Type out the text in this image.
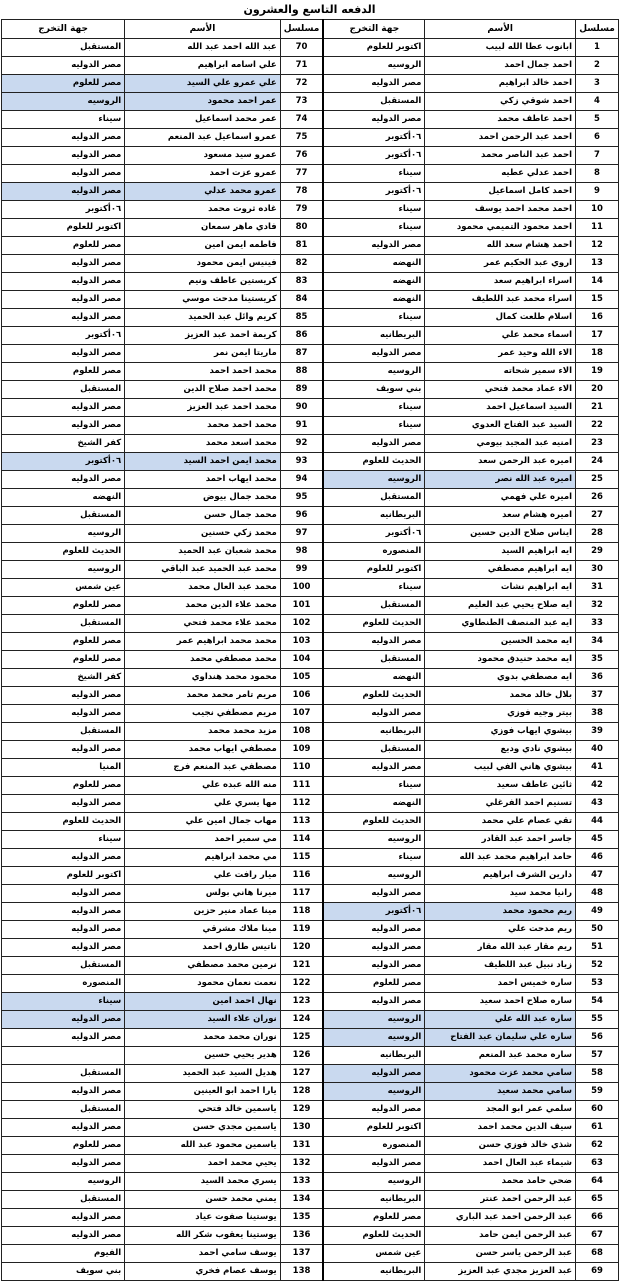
الدفعه التاسع والعشرون
مسلسل	الأسم	جهة التخرج	مسلسل	الأسم	جهة التخرج
1	ابانوب عطا الله لبيب	اكتوبر للعلوم	70	عبد الله احمد عبد الله	المستقبل
2	احمد جمال احمد	الروسيه	71	علي اسامه ابراهيم	مصر الدوليه
3	احمد خالد ابراهيم	مصر الدوليه	72	علي عمرو علي السيد	مصر للعلوم
4	احمد شوقي زكي	المستقبل	73	عمر احمد محمود	الروسيه
5	احمد عاطف محمد	مصر الدوليه	74	عمر محمد اسماعيل	سيناء
6	احمد عبد الرحمن احمد	٠٦أكتوبر	75	عمرو اسماعيل عبد المنعم	مصر الدوليه
7	احمد عبد الناصر محمد	٠٦أكتوبر	76	عمرو سيد مسعود	مصر الدوليه
8	احمد عدلي عطيه	سيناء	77	عمرو عزت احمد	مصر الدوليه
9	احمد كامل اسماعيل	٠٦أكتوبر	78	عمرو محمد عدلي	مصر الدوليه
10	احمد محمد احمد يوسف	سيناء	79	غاده ثروت محمد	٠٦أكتوبر
11	احمد محمود التميمي محمود	سيناء	80	فادي ماهر سمعان	اكتوبر للعلوم
12	احمد هشام سعد الله	مصر الدوليه	81	فاطمه ايمن امين	مصر للعلوم
13	اروي عبد الحكيم عمر	النهضه	82	فينيس ايمن محمود	مصر الدوليه
14	اسراء ابراهيم سعد	النهضه	83	كريستين عاطف ونيم	مصر الدوليه
15	اسراء محمد عبد اللطيف	النهضه	84	كريستينا مدحت موسي	مصر الدوليه
16	اسلام طلعت كمال	سيناء	85	كريم وائل عبد الحميد	مصر الدوليه
17	اسماء محمد علي	البريطانيه	86	كريمة احمد عبد العزيز	٠٦أكتوبر
18	الاء الله وحيد عمر	مصر الدوليه	87	ماريتا ايمن نمر	مصر الدوليه
19	الاء سمير شحاته	الروسيه	88	محمد احمد احمد	مصر للعلوم
20	الاء عماد محمد فتحي	بني سويف	89	محمد احمد صلاح الدين	المستقبل
21	السيد اسماعيل احمد	سيناء	90	محمد احمد عبد العزيز	مصر الدوليه
22	السيد عبد الفتاح العدوي	سيناء	91	محمد احمد محمد	مصر الدوليه
23	امنيه عبد المجيد بيومي	مصر الدوليه	92	محمد اسعد محمد	كفر الشيخ
24	اميره عبد الرحمن سعد	الحديث للعلوم	93	محمد ايمن احمد السيد	٠٦أكتوبر
25	اميره عبد الله نصر	الروسيه	94	محمد ايهاب احمد	مصر الدوليه
26	اميره علي فهمي	المستقبل	95	محمد جمال بيوض	النهضه
27	اميره هشام سعد	البريطانيه	96	محمد جمال حسن	المستقبل
28	ايناس صلاح الدين حسين	٠٦أكتوبر	97	محمد زكي حسنين	الروسيه
29	ايه ابراهيم السيد	المنصوره	98	محمد شعبان عبد الحميد	الحديث للعلوم
30	ايه ابراهيم مصطفي	اكتوبر للعلوم	99	محمد عبد الحميد عبد الباقي	الروسيه
31	ايه ابراهيم نشات	سيناء	100	محمد عبد العال محمد	عين شمس
32	ايه صلاح يحيي عبد العليم	المستقبل	101	محمد علاء الدين محمد	مصر للعلوم
33	ايه عبد المنصف الطنطاوي	الحديث للعلوم	102	محمد علاء محمد فتحي	المستقبل
34	ايه محمد الحسين	مصر الدوليه	103	محمد محمد ابراهيم عمر	مصر للعلوم
35	ايه محمد حنيدق محمود	المستقبل	104	محمد مصطفي محمد	مصر للعلوم
36	ايه مصطفي بدوي	النهضه	105	محمود محمد هنداوي	كفر الشيخ
37	بلال خالد محمد	الحديث للعلوم	106	مريم تامر محمد محمد	مصر الدوليه
38	بيتر وجيه فوزي	مصر الدوليه	107	مريم مصطفي نجيب	مصر الدوليه
39	بيشوي ايهاب فوزي	البريطانيه	108	مزيد محمد محمد	المستقبل
40	بيشوي نادي وديع	المستقبل	109	مصطفي ايهاب محمد	مصر الدوليه
41	بيشوي هاني الفي لبيب	مصر الدوليه	110	مصطفي عبد المنعم فرج	المنيا
42	ثائين عاطف سعيد	سيناء	111	منه الله عبده علي	مصر للعلوم
43	تسنيم احمد الفرغلي	النهضه	112	مها يسري علي	مصر الدوليه
44	تقي عصام علي محمد	الحديث للعلوم	113	مهاب جمال امين علي	الحديث للعلوم
45	جاسر احمد عبد القادر	الروسيه	114	مي سمير احمد	سيناء
46	حامد ابراهيم محمد عبد الله	سيناء	115	مي محمد ابراهيم	مصر الدوليه
47	دارين الشرف ابراهيم	الروسيه	116	ميار رافت علي	اكتوبر للعلوم
48	رانيا محمد سيد	مصر الدوليه	117	ميرنا هاني بولس	مصر الدوليه
49	ريم محمود محمد	٠٦أكتوبر	118	مينا عماد منير حزين	مصر الدوليه
50	ريم مدحت علي	مصر الدوليه	119	مينا ملاك مشرقي	مصر الدوليه
51	ريم مقار عبد الله مقار	مصر الدوليه	120	ناتيس طارق احمد	مصر الدوليه
52	زياد نبيل عبد اللطيف	مصر الدوليه	121	نرمين محمد مصطفي	المستقبل
53	ساره خميس احمد	مصر للعلوم	122	نعمت نعمان محمود	المنصوره
54	ساره صلاح احمد سعيد	مصر الدوليه	123	نهال احمد امين	سيناء
55	ساره عبد الله علي	الروسيه	124	نوران علاء السيد	مصر الدوليه
56	ساره علي سليمان عبد الفتاح	الروسيه	125	نوران محمد محمد	مصر الدوليه
57	ساره محمد عبد المنعم	البريطانيه	126	هدير يحيي حسين	
58	سامي محمد عزت محمود	مصر الدوليه	127	هديل السيد عبد الحميد	المستقبل
59	سامي محمد سعيد	الروسيه	128	يارا احمد ابو العينين	مصر الدوليه
60	سلمي عمر ابو المجد	مصر الدوليه	129	ياسمين خالد فتحي	المستقبل
61	سيف الدين محمد احمد	اكتوبر للعلوم	130	ياسمين مجدي حسن	مصر الدوليه
62	شذي خالد فوزي حسن	المنصوره	131	ياسمين محمود عبد الله	مصر للعلوم
63	شيماء عبد العال احمد	مصر الدوليه	132	يحيي محمد احمد	مصر الدوليه
64	ضحي حامد محمد	الروسيه	133	يسري محمد السيد	الروسيه
65	عبد الرحمن احمد عنتر	البريطانيه	134	يمني محمد حسن	المستقبل
66	عبد الرحمن احمد عبد الباري	مصر للعلوم	135	يوستينا صفوت عياد	مصر الدوليه
67	عبد الرحمن ايمن حامد	الحديث للعلوم	136	يوستينا يعقوب شكر الله	مصر الدوليه
68	عبد الرحمن ياسر حسن	عين شمس	137	يوسف سامي احمد	الفيوم
69	عبد العزيز مجدي عبد العزيز	البريطانيه	138	يوسف عصام فخري	بني سويف
